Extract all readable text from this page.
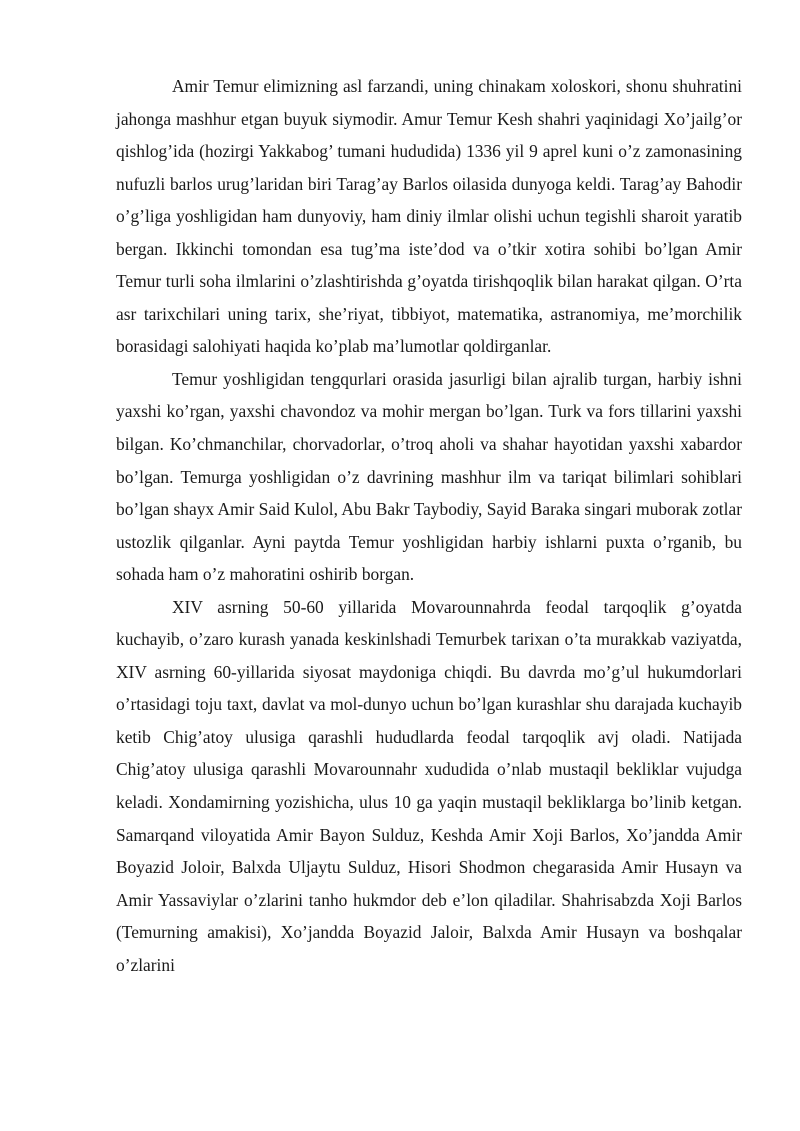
Amir Temur elimizning asl farzandi, uning chinakam xoloskori, shonu shuhratini jahonga mashhur etgan buyuk siymodir. Amur Temur Kesh shahri yaqinidagi Xo’jailg’or qishlog’ida (hozirgi Yakkabog’ tumani hududida) 1336 yil 9 aprel kuni o’z zamonasining nufuzli barlos urug’laridan biri Tarag’ay Barlos oilasida dunyoga keldi. Tarag’ay Bahodir o’g’liga yoshligidan ham dunyoviy, ham diniy ilmlar olishi uchun tegishli sharoit yaratib bergan. Ikkinchi tomondan esa tug’ma iste’dod va o’tkir xotira sohibi bo’lgan Amir Temur turli soha ilmlarini o’zlashtirishda g’oyatda tirishqoqlik bilan harakat qilgan. O’rta asr tarixchilari uning tarix, she’riyat, tibbiyot, matematika, astranomiya, me’morchilik borasidagi salohiyati haqida ko’plab ma’lumotlar qoldirganlar.

Temur yoshligidan tengqurlari orasida jasurligi bilan ajralib turgan, harbiy ishni yaxshi ko’rgan, yaxshi chavondoz va mohir mergan bo’lgan. Turk va fors tillarini yaxshi bilgan. Ko’chmanchilar, chorvadorlar, o’troq aholi va shahar hayotidan yaxshi xabardor bo’lgan. Temurga yoshligidan o’z davrining mashhur ilm va tariqat bilimlari sohiblari bo’lgan shayx Amir Said Kulol, Abu Bakr Taybodiy, Sayid Baraka singari muborak zotlar ustozlik qilganlar. Ayni paytda Temur yoshligidan harbiy ishlarni puxta o’rganib, bu sohada ham o’z mahoratini oshirib borgan.

XIV asrning 50-60 yillarida Movarounnahrda feodal tarqoqlik g’oyatda kuchayib, o’zaro kurash yanada keskinlshadi Temurbek tarixan o’ta murakkab vaziyatda, XIV asrning 60-yillarida siyosat maydoniga chiqdi. Bu davrda mo’g’ul hukumdorlari o’rtasidagi toju taxt, davlat va mol-dunyo uchun bo’lgan kurashlar shu darajada kuchayib ketib Chig’atoy ulusiga qarashli hududlarda feodal tarqoqlik avj oladi. Natijada Chig’atoy ulusiga qarashli Movarounnahr xududida o’nlab mustaqil bekliklar vujudga keladi. Xondamirning yozishicha, ulus 10 ga yaqin mustaqil bekliklarga bo’linib ketgan. Samarqand viloyatida Amir Bayon Sulduz, Keshda Amir Xoji Barlos, Xo’jandda Amir Boyazid Joloir, Balxda Uljaytu Sulduz, Hisori Shodmon chegarasida Amir Husayn va Amir Yassaviylar o’zlarini tanho hukmdor deb e’lon qiladilar. Shahrisabzda Xoji Barlos (Temurning amakisi), Xo’jandda Boyazid Jaloir, Balxda Amir Husayn va boshqalar o’zlarini
